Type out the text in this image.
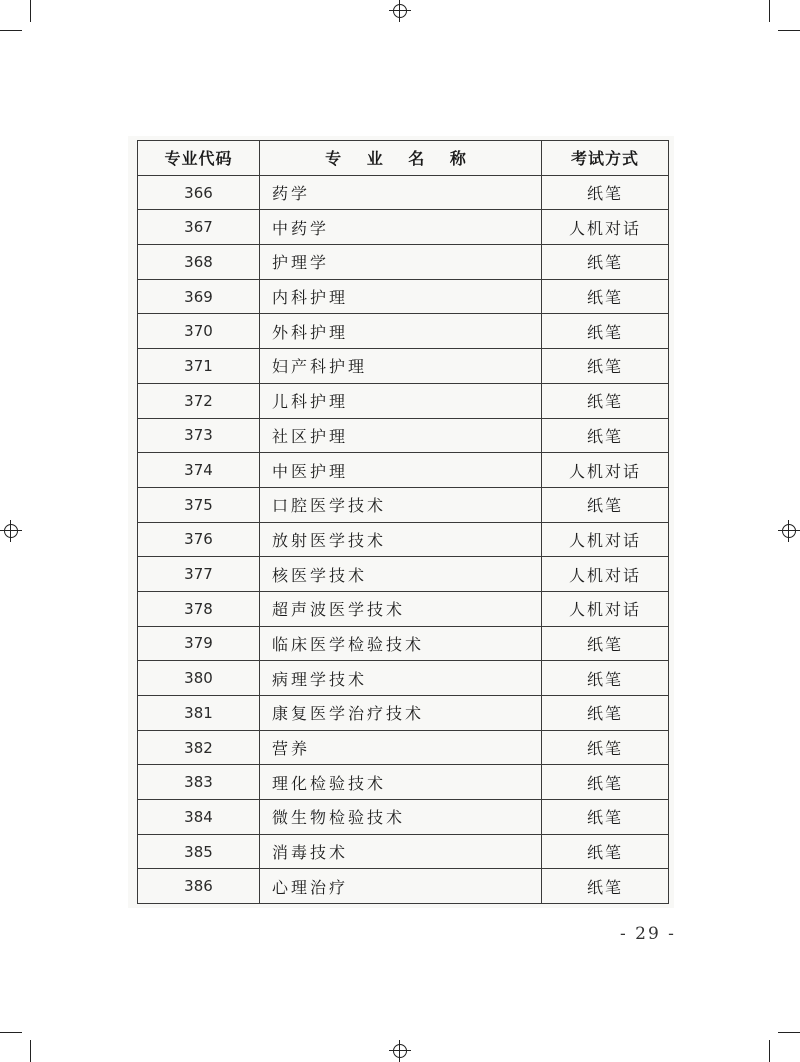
专业代码	专 业 名 称	考试方式
366	药学	纸笔
367	中药学	人机对话
368	护理学	纸笔
369	内科护理	纸笔
370	外科护理	纸笔
371	妇产科护理	纸笔
372	儿科护理	纸笔
373	社区护理	纸笔
374	中医护理	人机对话
375	口腔医学技术	纸笔
376	放射医学技术	人机对话
377	核医学技术	人机对话
378	超声波医学技术	人机对话
379	临床医学检验技术	纸笔
380	病理学技术	纸笔
381	康复医学治疗技术	纸笔
382	营养	纸笔
383	理化检验技术	纸笔
384	微生物检验技术	纸笔
385	消毒技术	纸笔
386	心理治疗	纸笔
- 29 -
